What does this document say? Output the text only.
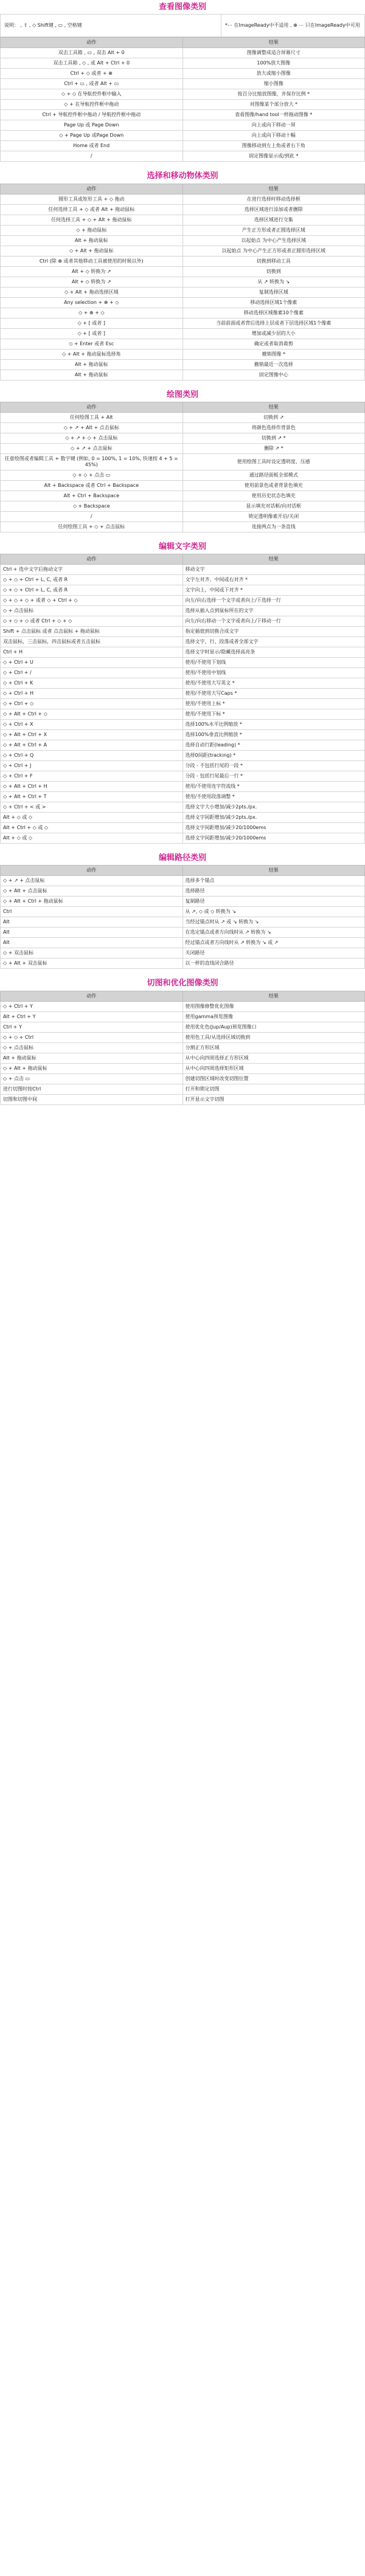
查看图像类别
说明： , ⇧ , ◇ Shift键 , ▭ , 空格键	*⋯ 在ImageReady中不适用 , ⊕ ⋯ 只在ImageReady中可用
动作	结果
双击工具箱 , ▭ , 双击 Alt + 0	图像调整成适合屏幕尺寸
双击工具箱 , ◇ , 或 Alt + Ctrl + 0	100%放大图像
Ctrl + ◇ 或者 + ⊕	放大或缩小图像
Ctrl + ▭ , 或者 Alt + ▭	缩小图像
◇ + ◇ 在导航控件框中输入	按百分比缩放图像，并保存比例 *
◇ + 在导航控件框中拖动	对图像某个部分放大 *
Ctrl + 导航控件框中拖动 / 导航控件框中拖动	查看图像/hand tool一样拖动图像 *
Page Up 或 Page Down	向上或向下移动一屏
◇ + Page Up 或Page Down	向上或向下移动十幅
Home 或者 End	图像移动到左上角或者右下角
/	固定图像显示或/到此 *
选择和移动物体类别
动作	结果
圆形工具或矩形工具 + ◇ 拖动	在进行选择时移动选择框
任何选择工具 + ◇ 或者 Alt + 拖动鼠标	选择区域进行添加或者删除
任何选择工具 + ◇ + Alt + 拖动鼠标	选择区域进行交集
◇ + 拖动鼠标	产生正方形或者正圆选择区域
Alt + 拖动鼠标	以起始点 为中心产生选择区域
◇ + Alt + 拖动鼠标	以起始点 为中心产生正方形或者正圆形选择区域
Ctrl (除 ⊕ 或者其他移动工具被使用的时候以外)	切换到移动工具
Alt + ◇ 转换为 ↗	切换到
Alt + ◇ 转换为 ↗	从 ↗ 转换为 ↘
◇ + Alt + 拖动选择区域	复制选择区域
Any selection + ⊕ + ◇	移动选择区域1个像素
◇ + ⊕ + ◇	移动选择区域像素10个像素
◇ + [ 或者 ]	当前前面或者背后选择上层或者下层选择区域1个像素
◇ + [ 或者 ]	增加或减少层的大小
◇ + Enter 或者 Esc	确定或者取消裁剪
◇ + Alt + 拖动鼠标选择角	撤销图像 *
Alt + 拖动鼠标	撤销最近一次选择
Alt + 拖动鼠标	固定图像中心
绘图类别
动作	结果
任何绘图工具 + Alt	切换到 ↗
◇ + ↗ + Alt + 点击鼠标	将颜色选择作背景色
◇ + ↗ + ◇ + 点击鼠标	切换到 ↗ *
◇ + ↗ + 点击鼠标	删除 ↗ *
任意绘图或者编辑工具 + 数字键 (例如, 0 = 100%, 1 = 10%, 快速按 4 + 5 = 45%)	使用绘图工具时设定透明度、压感
◇ + ◇ + 点击 ▭	通过路径面板全部模式
Alt + Backspace 或者 Ctrl + Backspace	使用前景色或者背景色填充
Alt + Ctrl + Backspace	使用历史状态色填充
◇ + Backspace	显示填充对话框/向对话框
/	锁定透明像素开启/关闭
任何绘图工具 + ◇ + 点击鼠标	连接两点为一条直线
编辑文字类别
动作	结果
Ctrl + 选中文字后拖动文字	移动文字
◇ + ◇ + Ctrl + L, C, 或者 R	文字左对齐、中间或右对齐 *
◇ + ◇ + Ctrl + L, C, 或者 R	文字向上，中间或下对齐 *
◇ + ◇ + ◇ + 或者 ◇ + Ctrl + ◇	向左/向右选择一个文字或者向上/下选择一行
◇ + 点击鼠标	选择从插入点到鼠标所在的文字
◇ + ◇ + ◇ 或者 Ctrl + ◇ + ◇	向左/向右移动一个文字或者向上/下移动一行
Shift + 点击鼠标 或者 点击鼠标 + 拖动鼠标	指定插值到切换合成文字
双击鼠标，三击鼠标，四击鼠标或者五击鼠标	选择文字、行、段落或者全部文字
Ctrl + H	选择文字时显示/隐藏选择高亮条
◇ + Ctrl + U	使用/不使用下划线
◇ + Ctrl + /	使用/不使用中划线
◇ + Ctrl + K	使用/不使用大写英文 *
◇ + Ctrl + H	使用/不使用大写Caps *
◇ + Ctrl + ◇	使用/不使用上标 *
◇ + Alt + Ctrl + ◇	使用/不使用下标 *
◇ + Ctrl + X	选择100%水平比例缩放 *
◇ + Alt + Ctrl + X	选择100%垂直比例缩放 *
◇ + Alt + Ctrl + A	选择自动行距(leading) *
◇ + Ctrl + Q	选择0间距(tracking) *
◇ + Ctrl + J	分段 - 不包括行尾的一段 *
◇ + Ctrl + F	分段 - 包括行尾最后一行 *
◇ + Alt + Ctrl + H	使用/不使用连字符流线 *
◇ + Alt + Ctrl + T	使用/不使用段落调整 *
◇ + Ctrl + < 或 >	选择文字大小增加/减少2pts./px.
Alt + ◇ 或 ◇	选择文字间距增加/减少2pts./px.
Alt + Ctrl + ◇ 或 ◇	选择文字间距增加/减少20/1000ems
Alt + ◇ 或 ◇	选择文字间距增加/减少20/1000ems
编辑路径类别
动作	结果
◇ + ↗ + 点击鼠标	选择多个锚点
◇ + Alt + 点击鼠标	选择路径
◇ + Alt + Ctrl + 拖动鼠标	复制路径
Ctrl	从 ↗, ◇ 或 ◇ 转换为 ↘
Alt	当经过锚点时从 ↗ 或 ↘ 转换为 ↘
Alt	在选定锚点或者方向线时从 ↗ 转换为 ↘
Alt	经过锚点或者方向线时从 ↗ 转换为 ↘ 或 ↗
◇ + 双击鼠标	关闭路径
◇ + Alt + 双击鼠标	以一样的直线闭合路径
切图和优化图像类别
动作	结果
◇ + Ctrl + Y	使用图像修整优化图像
Alt + Ctrl + Y	使用gamma预览图像
Ctrl + Y	使用优化色(Jup/Aup)预览图像口
◇ + ◇ + Ctrl	使用色工具/从选择区域切换到
◇ + 点击鼠标	分割正方形区域
Alt + 拖动鼠标	从中心向四周选择正方形区域
◇ + Alt + 拖动鼠标	从中心向四周选择矩形区域
◇ + 点击 ▭	创建切图区域时改变切图位置
进行切图时按Ctrl	打开和锁定切图
切图和切图中间	打开显示文字切图
